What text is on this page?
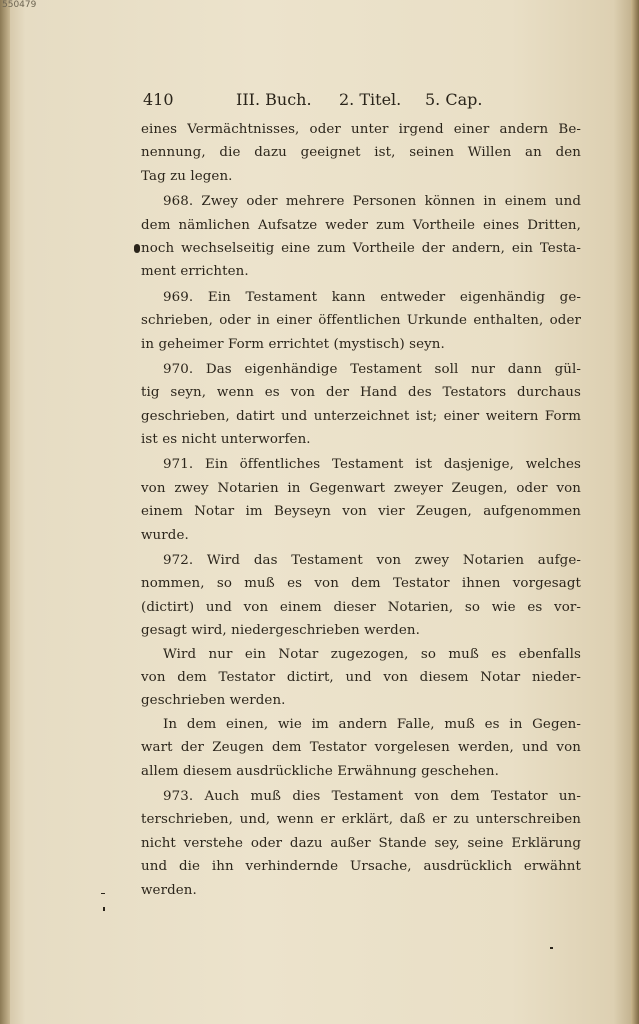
550479
410	III. Buch. 2. Titel. 5. Cap.
eines Vermächtnisses, oder unter irgend einer andern Be-
nennung, die dazu geeignet ist, seinen Willen an den
Tag zu legen.
968. Zwey oder mehrere Personen können in einem und
dem nämlichen Aufsatze weder zum Vortheile eines Dritten,
noch wechselseitig eine zum Vortheile der andern, ein Testa-
ment errichten.
969. Ein Testament kann entweder eigenhändig ge-
schrieben, oder in einer öffentlichen Urkunde enthalten, oder
in geheimer Form errichtet (mystisch) seyn.
970. Das eigenhändige Testament soll nur dann gül-
tig seyn, wenn es von der Hand des Testators durchaus
geschrieben, datirt und unterzeichnet ist; einer weitern Form
ist es nicht unterworfen.
971. Ein öffentliches Testament ist dasjenige, welches
von zwey Notarien in Gegenwart zweyer Zeugen, oder von
einem Notar im Beyseyn von vier Zeugen, aufgenommen
wurde.
972. Wird das Testament von zwey Notarien aufge-
nommen, so muß es von dem Testator ihnen vorgesagt
(dictirt) und von einem dieser Notarien, so wie es vor-
gesagt wird, niedergeschrieben werden.
Wird nur ein Notar zugezogen, so muß es ebenfalls
von dem Testator dictirt, und von diesem Notar nieder-
geschrieben werden.
In dem einen, wie im andern Falle, muß es in Gegen-
wart der Zeugen dem Testator vorgelesen werden, und von
allem diesem ausdrückliche Erwähnung geschehen.
973. Auch muß dies Testament von dem Testator un-
terschrieben, und, wenn er erklärt, daß er zu unterschreiben
nicht verstehe oder dazu außer Stande sey, seine Erklärung
und die ihn verhindernde Ursache, ausdrücklich erwähnt
werden.
